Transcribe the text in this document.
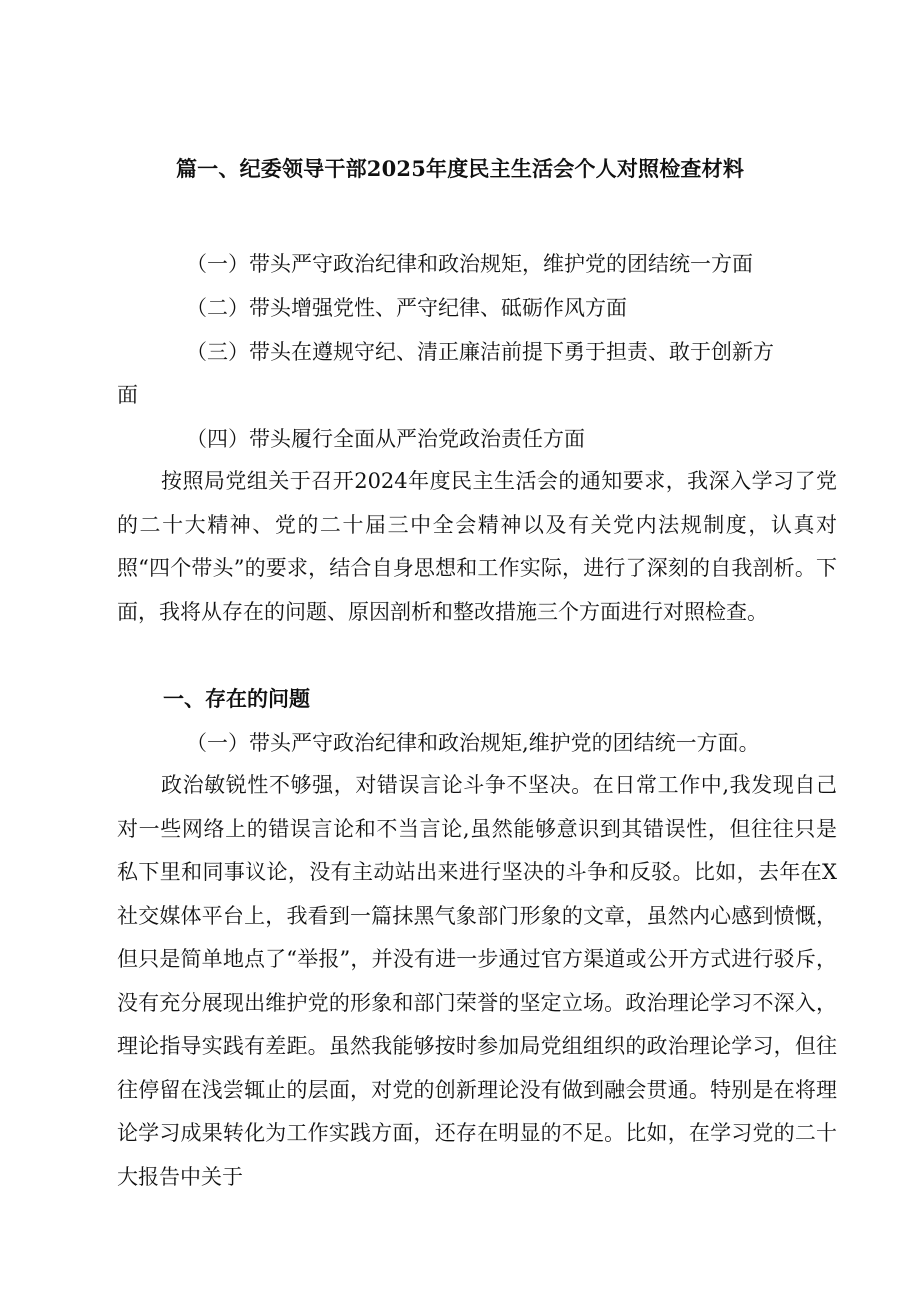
篇一、纪委领导干部2025年度民主生活会个人对照检查材料
（一）带头严守政治纪律和政治规矩，维护党的团结统一方面
（二）带头增强党性、严守纪律、砥砺作风方面
（三）带头在遵规守纪、清正廉洁前提下勇于担责、敢于创新方
面
（四）带头履行全面从严治党政治责任方面

按照局党组关于召开2024年度民主生活会的通知要求，我深入学习了党的二十大精神、党的二十届三中全会精神以及有关党内法规制度，认真对照“四个带头”的要求，结合自身思想和工作实际，进行了深刻的自我剖析。下面，我将从存在的问题、原因剖析和整改措施三个方面进行对照检查。

一、存在的问题
（一）带头严守政治纪律和政治规矩,维护党的团结统一方面。

政治敏锐性不够强，对错误言论斗争不坚决。在日常工作中,我发现自己对一些网络上的错误言论和不当言论,虽然能够意识到其错误性，但往往只是私下里和同事议论，没有主动站出来进行坚决的斗争和反驳。比如，去年在X社交媒体平台上，我看到一篇抹黑气象部门形象的文章，虽然内心感到愤慨，但只是简单地点了“举报”，并没有进一步通过官方渠道或公开方式进行驳斥，没有充分展现出维护党的形象和部门荣誉的坚定立场。政治理论学习不深入，理论指导实践有差距。虽然我能够按时参加局党组组织的政治理论学习，但往往停留在浅尝辄止的层面，对党的创新理论没有做到融会贯通。特别是在将理论学习成果转化为工作实践方面，还存在明显的不足。比如，在学习党的二十大报告中关于
